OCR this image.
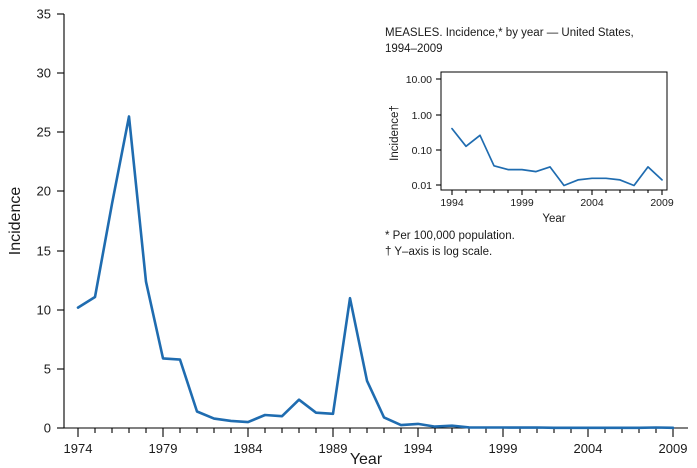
0
5
10
15
20
25
30
35
1974	1979	1984	1989	1994	1999	2004	2009
Year
Incidence
MEASLES. Incidence,* by year — United States,
1994–2009
10.00
1.00
0.10
0.01
1994	1999	2004	2009
Year
Incidence†
* Per 100,000 population.
† Y–axis is log scale.
